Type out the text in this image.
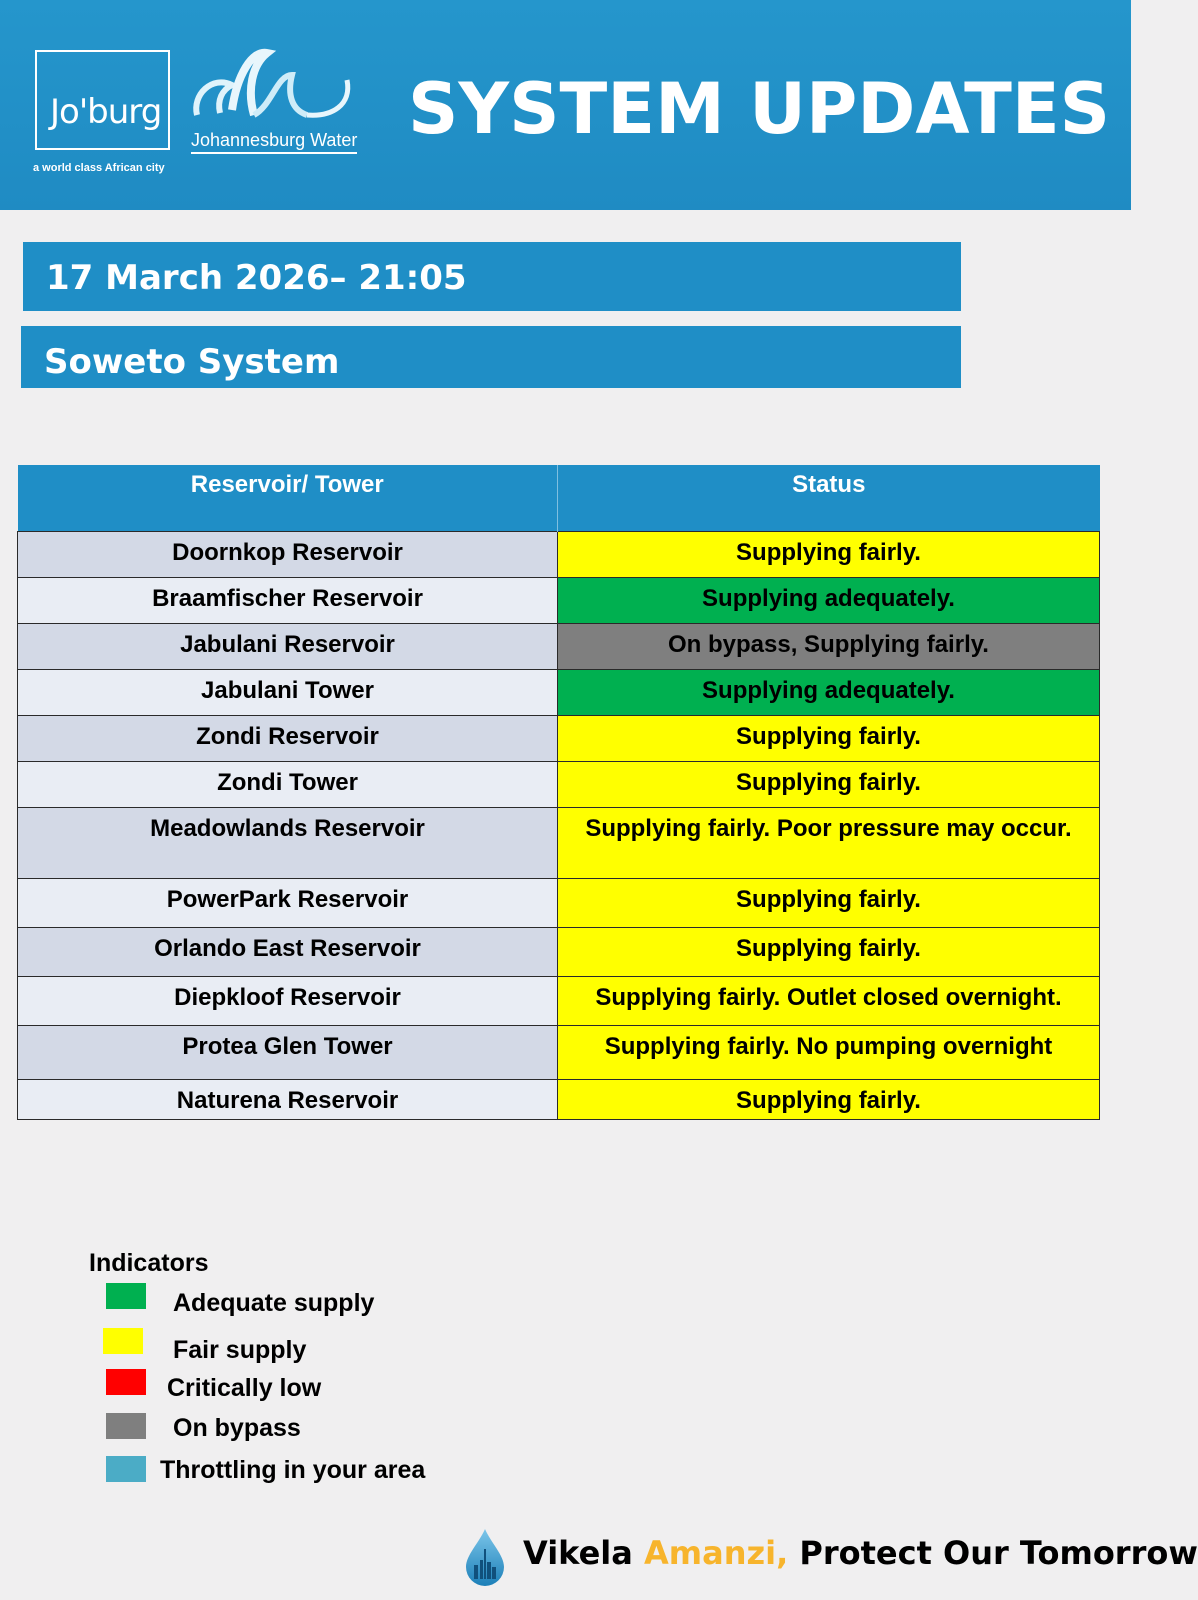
Jo'burg
a world class African city
Johannesburg Water SYSTEM UPDATES
17 March 2026– 21:05
Soweto System
Reservoir/ Tower	Status
Doornkop Reservoir	Supplying fairly.
Braamfischer Reservoir	Supplying adequately.
Jabulani Reservoir	On bypass, Supplying fairly.
Jabulani Tower	Supplying adequately.
Zondi Reservoir	Supplying fairly.
Zondi Tower	Supplying fairly.
Meadowlands Reservoir	Supplying fairly. Poor pressure may occur.
PowerPark Reservoir	Supplying fairly.
Orlando East Reservoir	Supplying fairly.
Diepkloof Reservoir	Supplying fairly. Outlet closed overnight.
Protea Glen Tower	Supplying fairly. No pumping overnight
Naturena Reservoir	Supplying fairly.
Indicators
Adequate supply
Fair supply
Critically low
On bypass
Throttling in your area
Vikela Amanzi, Protect Our Tomorrow
